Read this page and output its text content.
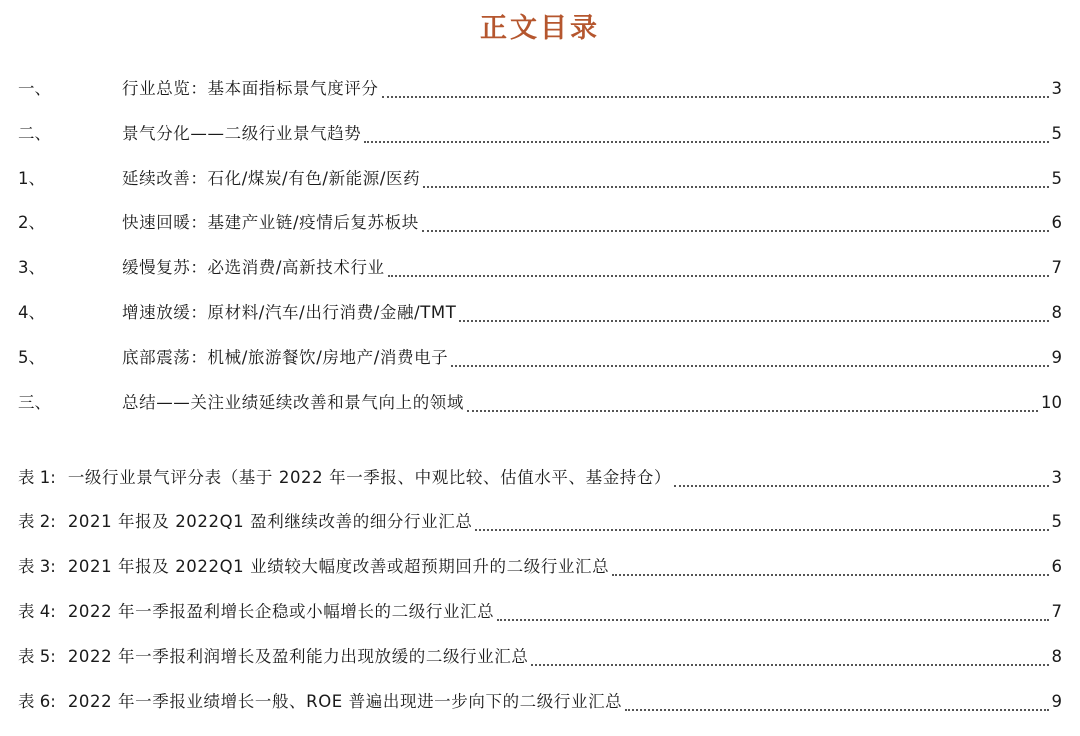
正文目录
一、	行业总览：基本面指标景气度评分	3
二、	景气分化——二级行业景气趋势	5
1、	延续改善：石化/煤炭/有色/新能源/医药	5
2、	快速回暖：基建产业链/疫情后复苏板块	6
3、	缓慢复苏：必选消费/高新技术行业	7
4、	增速放缓：原材料/汽车/出行消费/金融/TMT	8
5、	底部震荡：机械/旅游餐饮/房地产/消费电子	9
三、	总结——关注业绩延续改善和景气向上的领域	10
表 1: 一级行业景气评分表（基于 2022 年一季报、中观比较、估值水平、基金持仓）	3
表 2: 2021 年报及 2022Q1 盈利继续改善的细分行业汇总	5
表 3: 2021 年报及 2022Q1 业绩较大幅度改善或超预期回升的二级行业汇总	6
表 4: 2022 年一季报盈利增长企稳或小幅增长的二级行业汇总	7
表 5: 2022 年一季报利润增长及盈利能力出现放缓的二级行业汇总	8
表 6: 2022 年一季报业绩增长一般、ROE 普遍出现进一步向下的二级行业汇总	9
